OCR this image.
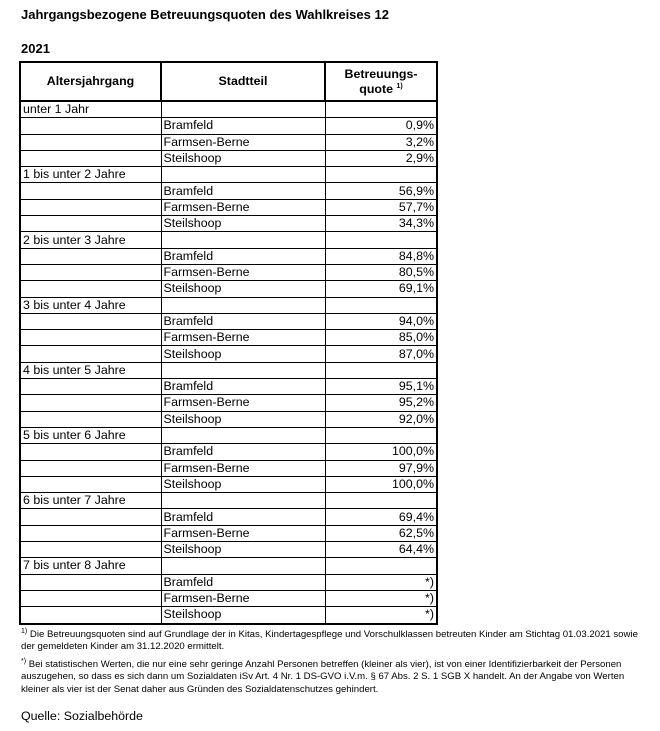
Jahrgangsbezogene Betreuungsquoten des Wahlkreises 12
2021
Altersjahrgang	Stadtteil	Betreuungs-
quote $^{1)}$
unter 1 Jahr		
	Bramfeld	0,9%
	Farmsen-Berne	3,2%
	Steilshoop	2,9%
1 bis unter 2 Jahre		
	Bramfeld	56,9%
	Farmsen-Berne	57,7%
	Steilshoop	34,3%
2 bis unter 3 Jahre		
	Bramfeld	84,8%
	Farmsen-Berne	80,5%
	Steilshoop	69,1%
3 bis unter 4 Jahre		
	Bramfeld	94,0%
	Farmsen-Berne	85,0%
	Steilshoop	87,0%
4 bis unter 5 Jahre		
	Bramfeld	95,1%
	Farmsen-Berne	95,2%
	Steilshoop	92,0%
5 bis unter 6 Jahre		
	Bramfeld	100,0%
	Farmsen-Berne	97,9%
	Steilshoop	100,0%
6 bis unter 7 Jahre		
	Bramfeld	69,4%
	Farmsen-Berne	62,5%
	Steilshoop	64,4%
7 bis unter 8 Jahre		
	Bramfeld	*)
	Farmsen-Berne	*)
	Steilshoop	*)
$^{1)}$ Die Betreuungsquoten sind auf Grundlage der in Kitas, Kindertagespflege und Vorschulklassen betreuten Kinder am Stichtag 01.03.2021 sowie der gemeldeten Kinder am 31.12.2020 ermittelt.
*) Bei statistischen Werten, die nur eine sehr geringe Anzahl Personen betreffen (kleiner als vier), ist von einer Identifizierbarkeit der Personen auszugehen, so dass es sich dann um Sozialdaten iSv Art. 4 Nr. 1 DS-GVO i.V.m. § 67 Abs. 2 S. 1 SGB X handelt. An der Angabe von Werten kleiner als vier ist der Senat daher aus Gründen des Sozialdatenschutzes gehindert.
Quelle: Sozialbehörde
